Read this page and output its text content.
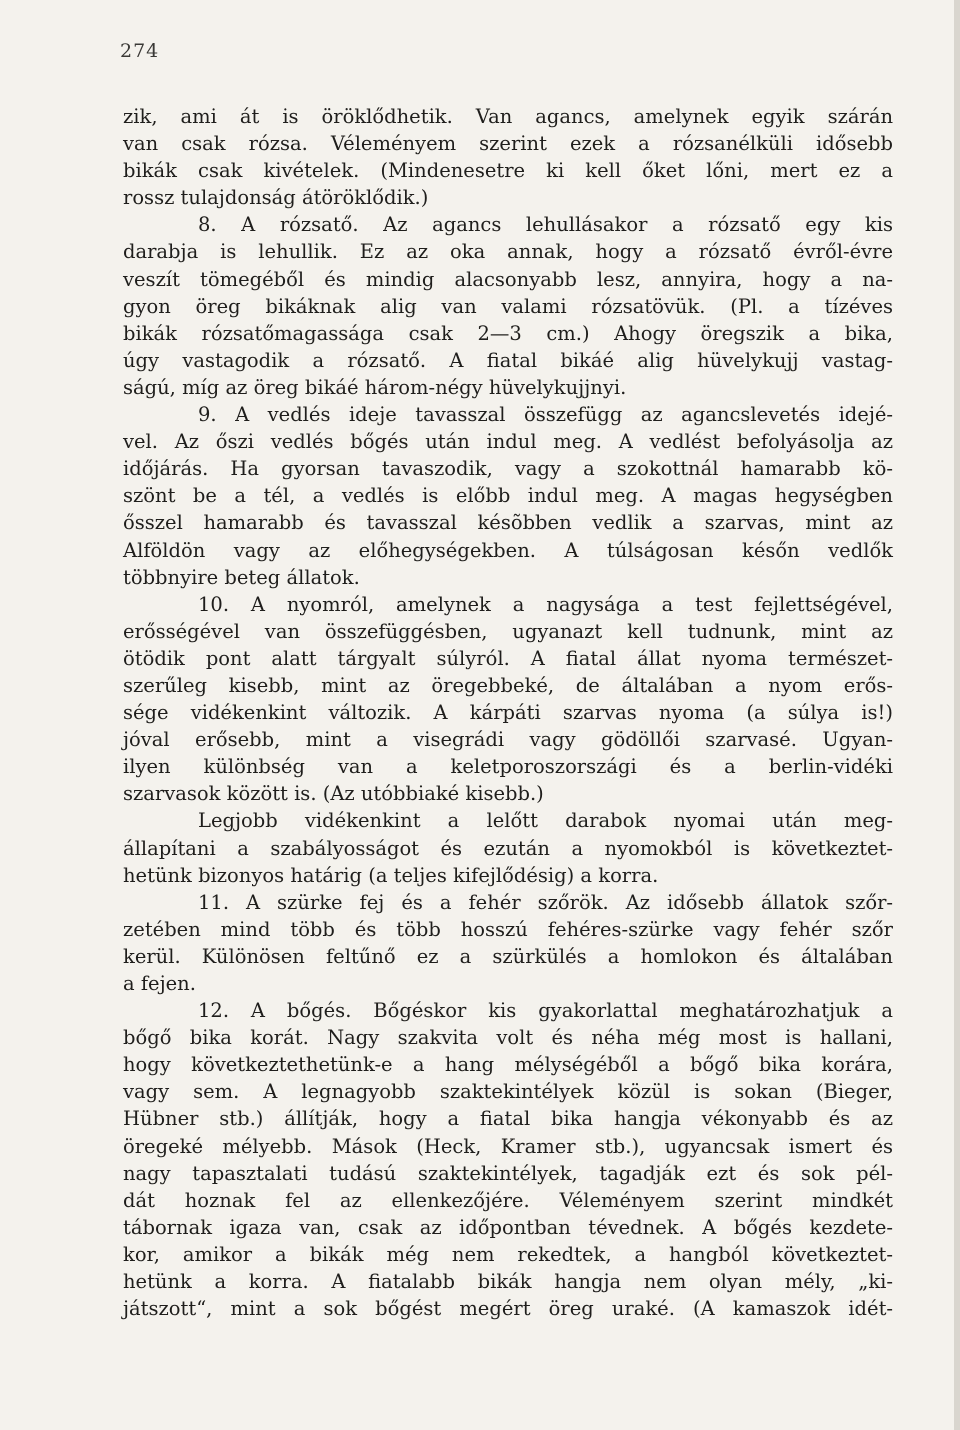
274
zik, ami át is öröklődhetik. Van agancs, amelynek egyik szárán
van csak rózsa. Véleményem szerint ezek a rózsanélküli idősebb
bikák csak kivételek. (Mindenesetre ki kell őket lőni, mert ez a
rossz tulajdonság átöröklődik.)
8. A rózsatő. Az agancs lehullásakor a rózsatő egy kis
darabja is lehullik. Ez az oka annak, hogy a rózsatő évről-évre
veszít tömegéből és mindig alacsonyabb lesz, annyira, hogy a na-
gyon öreg bikáknak alig van valami rózsatövük. (Pl. a tízéves
bikák rózsatőmagassága csak 2—3 cm.) Ahogy öregszik a bika,
úgy vastagodik a rózsatő. A fiatal bikáé alig hüvelykujj vastag-
ságú, míg az öreg bikáé három-négy hüvelykujjnyi.
9. A vedlés ideje tavasszal összefügg az agancslevetés idejé-
vel. Az őszi vedlés bőgés után indul meg. A vedlést befolyásolja az
időjárás. Ha gyorsan tavaszodik, vagy a szokottnál hamarabb kö-
szönt be a tél, a vedlés is előbb indul meg. A magas hegységben
ősszel hamarabb és tavasszal késõbben vedlik a szarvas, mint az
Alföldön vagy az előhegységekben. A túlságosan későn vedlők
többnyire beteg állatok.
10. A nyomról, amelynek a nagysága a test fejlettségével,
erősségével van összefüggésben, ugyanazt kell tudnunk, mint az
ötödik pont alatt tárgyalt súlyról. A fiatal állat nyoma természet-
szerűleg kisebb, mint az öregebbeké, de általában a nyom erős-
sége vidékenkint változik. A kárpáti szarvas nyoma (a súlya is!)
jóval erősebb, mint a visegrádi vagy gödöllői szarvasé. Ugyan-
ilyen különbség van a keletporoszországi és a berlin-vidéki
szarvasok között is. (Az utóbbiaké kisebb.)
Legjobb vidékenkint a lelőtt darabok nyomai után meg-
állapítani a szabályosságot és ezután a nyomokból is következtet-
hetünk bizonyos határig (a teljes kifejlődésig) a korra.
11. A szürke fej és a fehér szőrök. Az idősebb állatok szőr-
zetében mind több és több hosszú fehéres-szürke vagy fehér szőr
kerül. Különösen feltűnő ez a szürkülés a homlokon és általában
a fejen.
12. A bőgés. Bőgéskor kis gyakorlattal meghatározhatjuk a
bőgő bika korát. Nagy szakvita volt és néha még most is hallani,
hogy következtethetünk-e a hang mélységéből a bőgő bika korára,
vagy sem. A legnagyobb szaktekintélyek közül is sokan (Bieger,
Hübner stb.) állítják, hogy a fiatal bika hangja vékonyabb és az
öregeké mélyebb. Mások (Heck, Kramer stb.), ugyancsak ismert és
nagy tapasztalati tudású szaktekintélyek, tagadják ezt és sok pél-
dát hoznak fel az ellenkezőjére. Véleményem szerint mindkét
tábornak igaza van, csak az időpontban tévednek. A bőgés kezdete-
kor, amikor a bikák még nem rekedtek, a hangból következtet-
hetünk a korra. A fiatalabb bikák hangja nem olyan mély, „ki-
játszott“, mint a sok bőgést megért öreg uraké. (A kamaszok idét-
